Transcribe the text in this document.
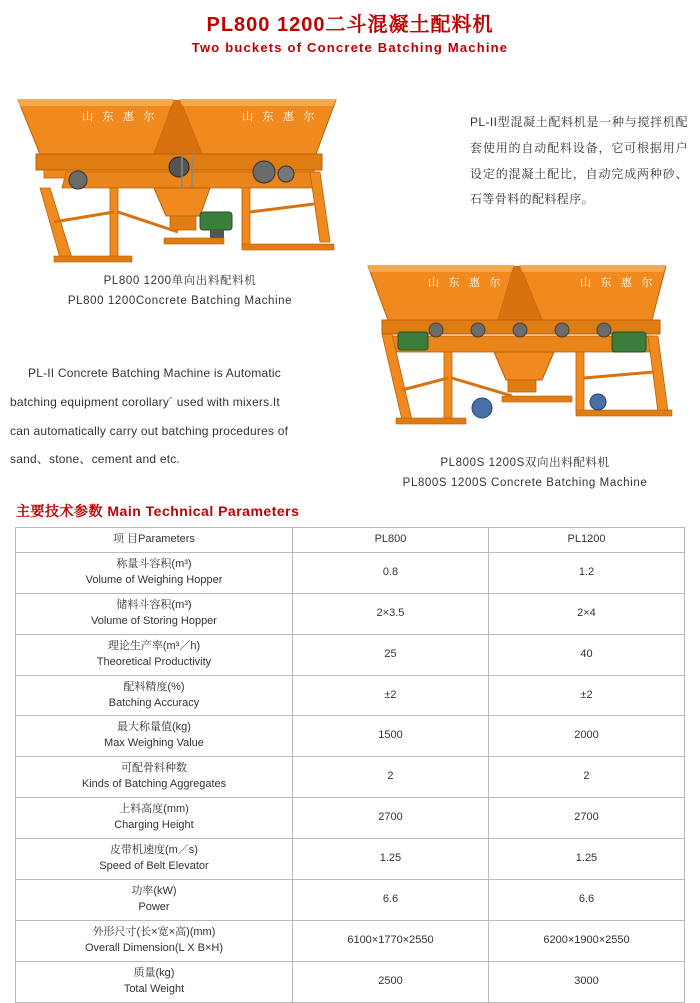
PL800 1200二斗混凝土配料机
Two buckets of Concrete Batching Machine
山 东 惠 尔	山 东 惠 尔
PL800 1200单向出料配料机
PL800 1200Concrete Batching Machine
山 东 惠 尔	山 东 惠 尔
PL800S 1200S双向出料配料机
PL800S 1200S Concrete Batching Machine
PL-II型混凝土配料机是一种与搅拌机配套使用的自动配料设备，它可根据用户设定的混凝土配比，自动完成两种砂、石等骨料的配料程序。
PL-II Concrete Batching Machine is Automatic
batching equipment corollary´ used with mixers.It
can automatically carry out batching procedures of
sand、stone、cement and etc.
主要技术参数 Main Technical Parameters
项 目Parameters	PL800	PL1200

称量斗容积(m³)
Volume of Weighing Hopper	0.8	1.2

储料斗容积(m³)
Volume of Storing Hopper	2×3.5	2×4

理论生产率(m³／h)
Theoretical Productivity	25	40

配料精度(%)
Batching Accuracy	±2	±2

最大称量值(kg)
Max Weighing Value	1500	2000

可配骨料种数
Kinds of Batching Aggregates	2	2

上料高度(mm)
Charging Height	2700	2700

皮带机速度(m／s)
Speed of Belt Elevator	1.25	1.25

功率(kW)
Power	6.6	6.6

外形尺寸(长×宽×高)(mm)
Overall Dimension(L X B×H)	6100×1770×2550	6200×1900×2550

质量(kg)
Total Weight	2500	3000
